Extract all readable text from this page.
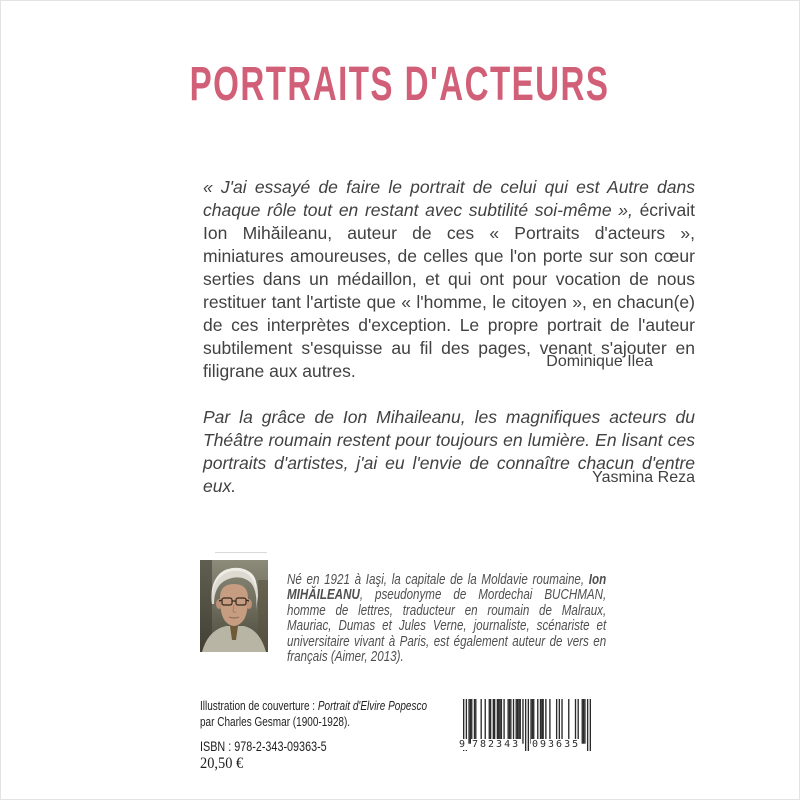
PORTRAITS D'ACTEURS

« J'ai essayé de faire le portrait de celui qui est Autre dans chaque rôle tout en restant avec subtilité soi-même », écrivait Ion Mihăileanu, auteur de ces « Portraits d'acteurs », miniatures amoureuses, de celles que l'on porte sur son cœur serties dans un médaillon, et qui ont pour vocation de nous restituer tant l'artiste que « l'homme, le citoyen », en chacun(e) de ces interprètes d'exception. Le propre portrait de l'auteur subtilement s'esquisse au fil des pages, venant s'ajouter en filigrane aux autres.	Dominique Ilea

Par la grâce de Ion Mihaileanu, les magnifiques acteurs du Théâtre roumain restent pour toujours en lumière. En lisant ces portraits d'artistes, j'ai eu l'envie de connaître chacun d'entre eux.	Yasmina Reza

Né en 1921 à Iaşi, la capitale de la Moldavie roumaine, Ion MIHĂILEANU, pseudonyme de Mordechai BUCHMAN, homme de lettres, traducteur en roumain de Malraux, Mauriac, Dumas et Jules Verne, journaliste, scénariste et universitaire vivant à Paris, est également auteur de vers en français (Aimer, 2013).

Illustration de couverture : Portrait d'Elvire Popesco
par Charles Gesmar (1900-1928).
ISBN : 978-2-343-09363-5
20,50 €
9 782343 093635
